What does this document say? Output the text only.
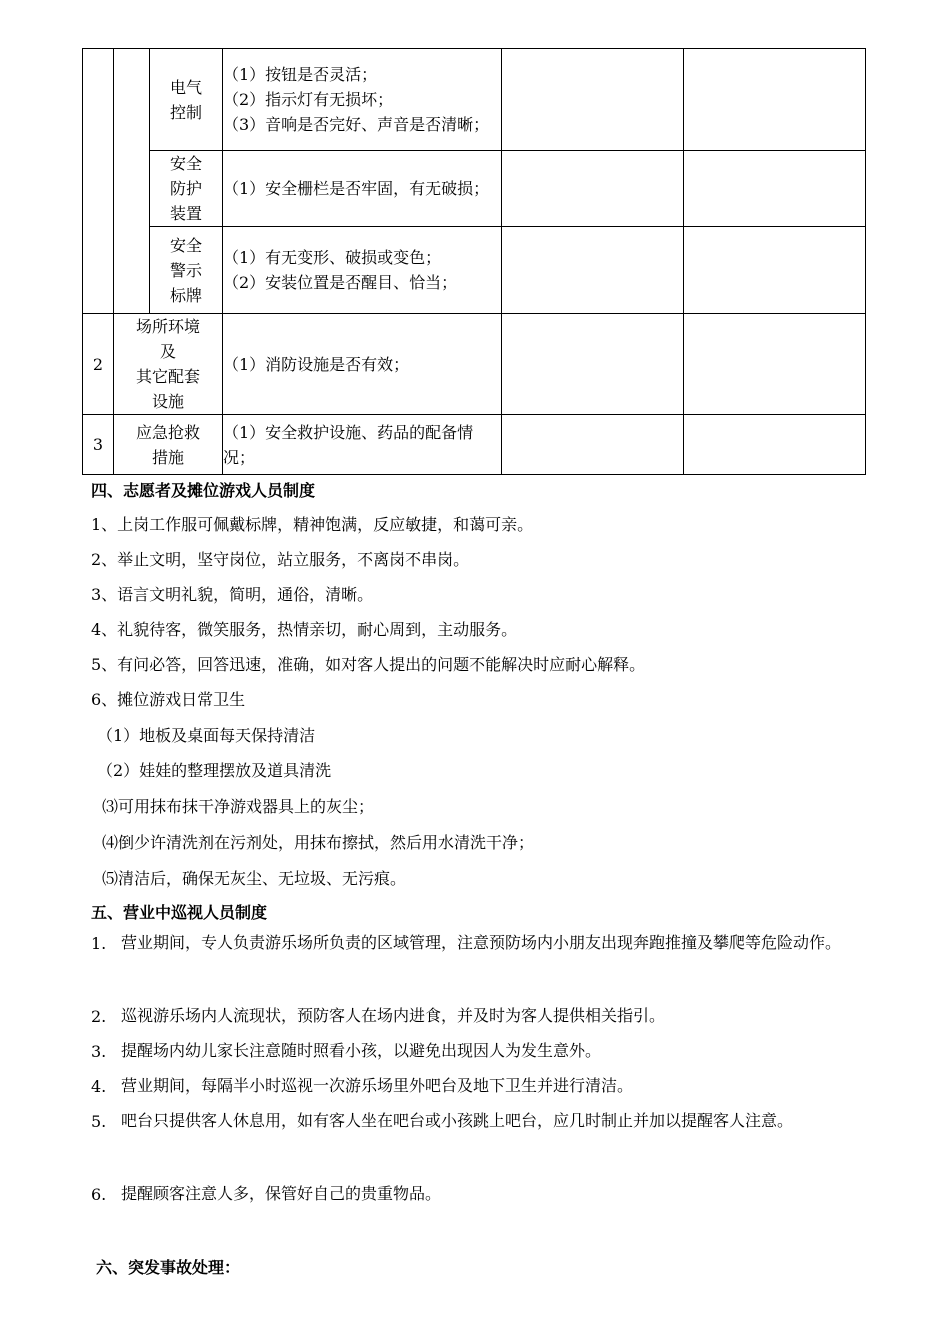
		电气
控制	（1）按钮是否灵活；
（2）指示灯有无损坏；
（3）音响是否完好、声音是否清晰；		

		安全
防护
装置	（1）安全栅栏是否牢固，有无破损；		

		安全
警示
标牌	（1）有无变形、破损或变色；
（2）安装位置是否醒目、恰当；		

2	场所环境
及
其它配套
设施		（1）消防设施是否有效；		

3	应急抢救
措施		（1）安全救护设施、药品的配备情况；		

四、志愿者及摊位游戏人员制度
1、上岗工作服可佩戴标牌，精神饱满，反应敏捷，和蔼可亲。
2、举止文明，坚守岗位，站立服务，不离岗不串岗。
3、语言文明礼貌，简明，通俗，清晰。
4、礼貌待客，微笑服务，热情亲切，耐心周到，主动服务。
5、有问必答，回答迅速，准确，如对客人提出的问题不能解决时应耐心解释。
6、摊位游戏日常卫生
（1）地板及桌面每天保持清洁
（2）娃娃的整理摆放及道具清洗
⑶可用抹布抹干净游戏器具上的灰尘；
⑷倒少许清洗剂在污剂处，用抹布擦拭，然后用水清洗干净；
⑸清洁后，确保无灰尘、无垃圾、无污痕。
五、营业中巡视人员制度
1. 营业期间，专人负责游乐场所负责的区域管理，注意预防场内小朋友出现奔跑推撞及攀爬等危险动作。
2. 巡视游乐场内人流现状，预防客人在场内进食，并及时为客人提供相关指引。
3. 提醒场内幼儿家长注意随时照看小孩，以避免出现因人为发生意外。
4. 营业期间，每隔半小时巡视一次游乐场里外吧台及地下卫生并进行清洁。
5. 吧台只提供客人休息用，如有客人坐在吧台或小孩跳上吧台，应几时制止并加以提醒客人注意。
6. 提醒顾客注意人多，保管好自己的贵重物品。
六、突发事故处理：
